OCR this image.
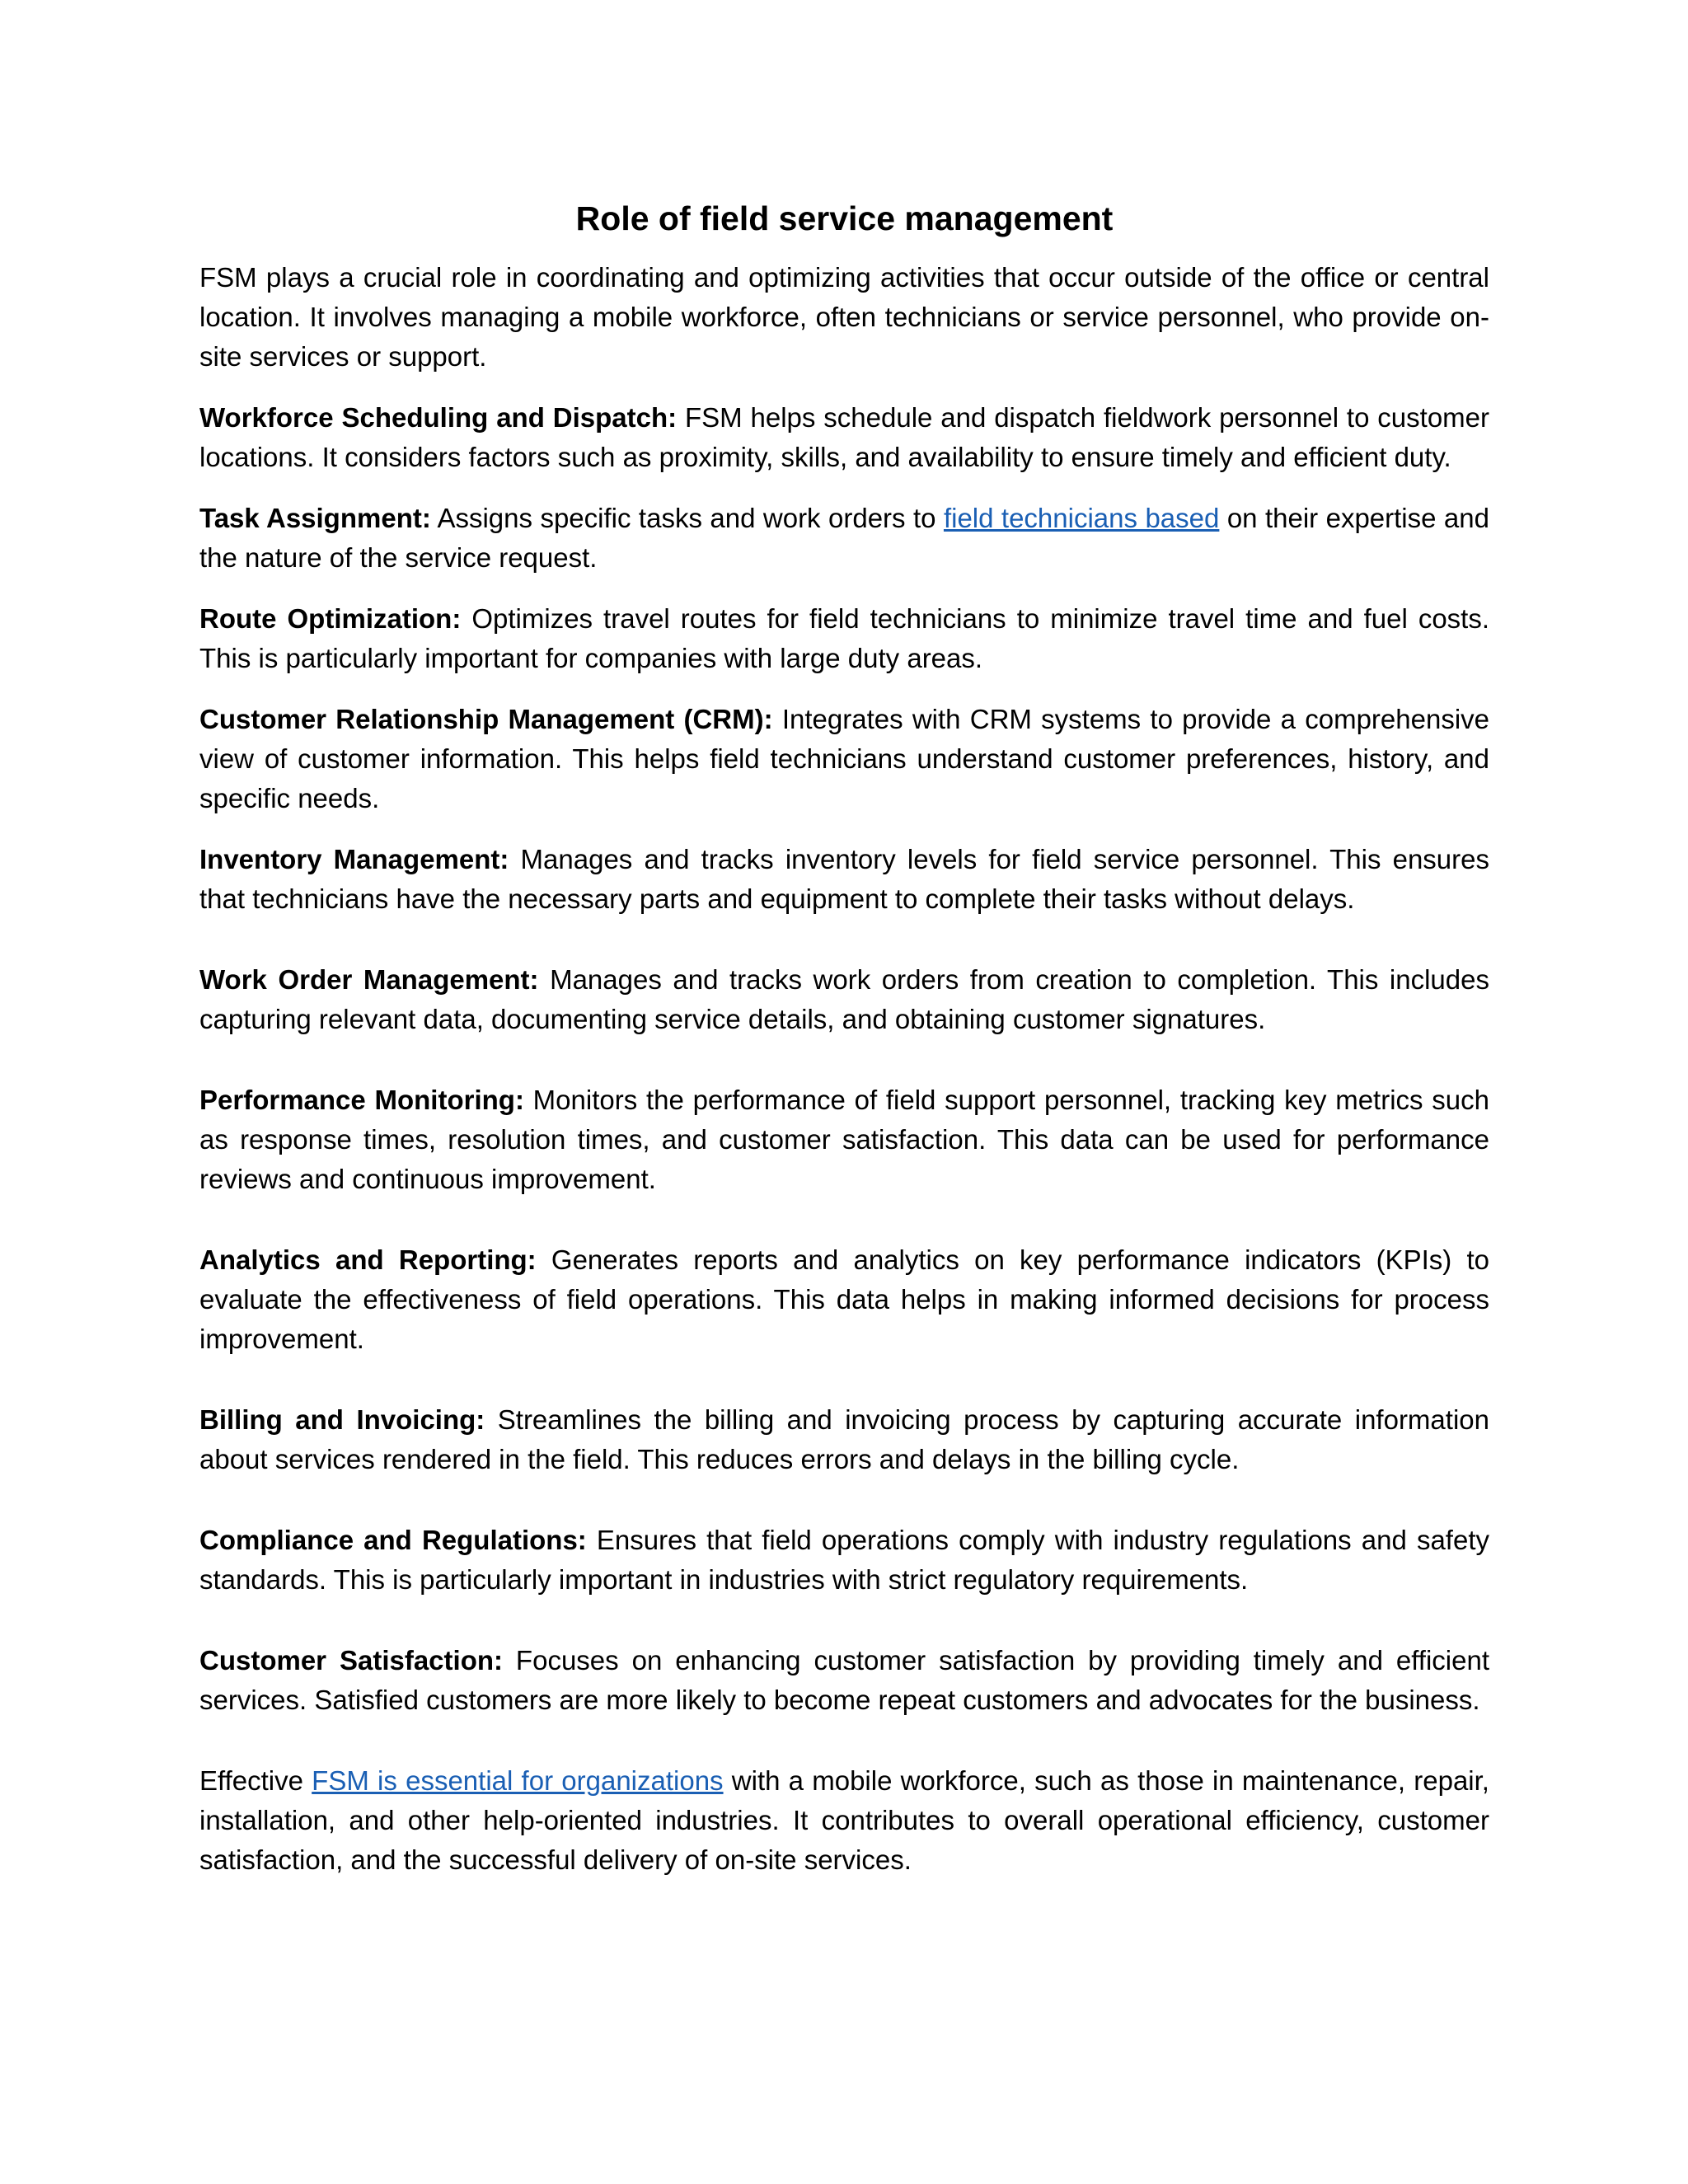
Role of field service management

FSM plays a crucial role in coordinating and optimizing activities that occur outside of the office or central location. It involves managing a mobile workforce, often technicians or service personnel, who provide on-site services or support.

Workforce Scheduling and Dispatch: FSM helps schedule and dispatch fieldwork personnel to customer locations. It considers factors such as proximity, skills, and availability to ensure timely and efficient duty.

Task Assignment: Assigns specific tasks and work orders to field technicians based on their expertise and the nature of the service request.

Route Optimization: Optimizes travel routes for field technicians to minimize travel time and fuel costs. This is particularly important for companies with large duty areas.

Customer Relationship Management (CRM): Integrates with CRM systems to provide a comprehensive view of customer information. This helps field technicians understand customer preferences, history, and specific needs.

Inventory Management: Manages and tracks inventory levels for field service personnel. This ensures that technicians have the necessary parts and equipment to complete their tasks without delays.

Work Order Management: Manages and tracks work orders from creation to completion. This includes capturing relevant data, documenting service details, and obtaining customer signatures.

Performance Monitoring: Monitors the performance of field support personnel, tracking key metrics such as response times, resolution times, and customer satisfaction. This data can be used for performance reviews and continuous improvement.

Analytics and Reporting: Generates reports and analytics on key performance indicators (KPIs) to evaluate the effectiveness of field operations. This data helps in making informed decisions for process improvement.

Billing and Invoicing: Streamlines the billing and invoicing process by capturing accurate information about services rendered in the field. This reduces errors and delays in the billing cycle.

Compliance and Regulations: Ensures that field operations comply with industry regulations and safety standards. This is particularly important in industries with strict regulatory requirements.

Customer Satisfaction: Focuses on enhancing customer satisfaction by providing timely and efficient services. Satisfied customers are more likely to become repeat customers and advocates for the business.

Effective FSM is essential for organizations with a mobile workforce, such as those in maintenance, repair, installation, and other help-oriented industries. It contributes to overall operational efficiency, customer satisfaction, and the successful delivery of on-site services.
